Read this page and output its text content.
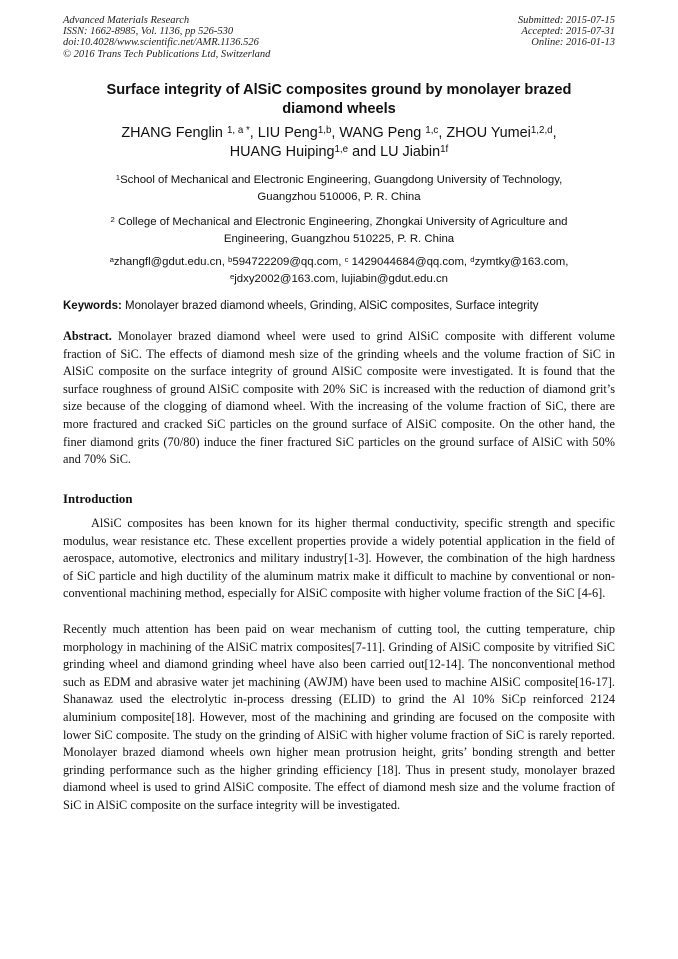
Advanced Materials Research
ISSN: 1662-8985, Vol. 1136, pp 526-530
doi:10.4028/www.scientific.net/AMR.1136.526
© 2016 Trans Tech Publications Ltd, Switzerland
Submitted: 2015-07-15
Accepted: 2015-07-31
Online: 2016-01-13
Surface integrity of AlSiC composites ground by monolayer brazed
diamond wheels
ZHANG Fenglin $^{1, a *}$, LIU Peng$^{1,b}$, WANG Peng $^{1,c}$, ZHOU Yumei$^{1,2,d}$,
HUANG Huiping$^{1,e}$ and LU Jiabin$^{1f}$
$^1$School of Mechanical and Electronic Engineering, Guangdong University of Technology,
Guangzhou 510006, P. R. China
$^2$ College of Mechanical and Electronic Engineering, Zhongkai University of Agriculture and
Engineering, Guangzhou 510225, P. R. China
$^a$zhangfl@gdut.edu.cn, $^b$594722209@qq.com, $^c$ 1429044684@qq.com, $^d$zymtky@163.com,
$^e$jdxy2002@163.com, lujiabin@gdut.edu.cn
Keywords: Monolayer brazed diamond wheels, Grinding, AlSiC composites, Surface integrity
Abstract. Monolayer brazed diamond wheel were used to grind AlSiC composite with different volume fraction of SiC. The effects of diamond mesh size of the grinding wheels and the volume fraction of SiC in AlSiC composite on the surface integrity of ground AlSiC composite were investigated. It is found that the surface roughness of ground AlSiC composite with 20% SiC is increased with the reduction of diamond grit’s size because of the clogging of diamond wheel. With the increasing of the volume fraction of SiC, there are more fractured and cracked SiC particles on the ground surface of AlSiC composite. On the other hand, the finer diamond grits (70/80) induce the finer fractured SiC particles on the ground surface of AlSiC with 50% and 70% SiC.
Introduction

AlSiC composites has been known for its higher thermal conductivity, specific strength and specific modulus, wear resistance etc. These excellent properties provide a widely potential application in the field of aerospace, automotive, electronics and military industry[1-3]. However, the combination of the high hardness of SiC particle and high ductility of the aluminum matrix make it difficult to machine by conventional or non-conventional machining method, especially for AlSiC composite with higher volume fraction of the SiC [4-6].

Recently much attention has been paid on wear mechanism of cutting tool, the cutting temperature, chip morphology in machining of the AlSiC matrix composites[7-11]. Grinding of AlSiC composite by vitrified SiC grinding wheel and diamond grinding wheel have also been carried out[12-14]. The nonconventional method such as EDM and abrasive water jet machining (AWJM) have been used to machine AlSiC composite[16-17]. Shanawaz used the electrolytic in-process dressing (ELID) to grind the Al 10% SiCp reinforced 2124 aluminium composite[18]. However, most of the machining and grinding are focused on the composite with lower SiC composite. The study on the grinding of AlSiC with higher volume fraction of SiC is rarely reported. Monolayer brazed diamond wheels own higher mean protrusion height, grits’ bonding strength and better grinding performance such as the higher grinding efficiency [18]. Thus in present study, monolayer brazed diamond wheel is used to grind AlSiC composite. The effect of diamond mesh size and the volume fraction of SiC in AlSiC composite on the surface integrity will be investigated.
